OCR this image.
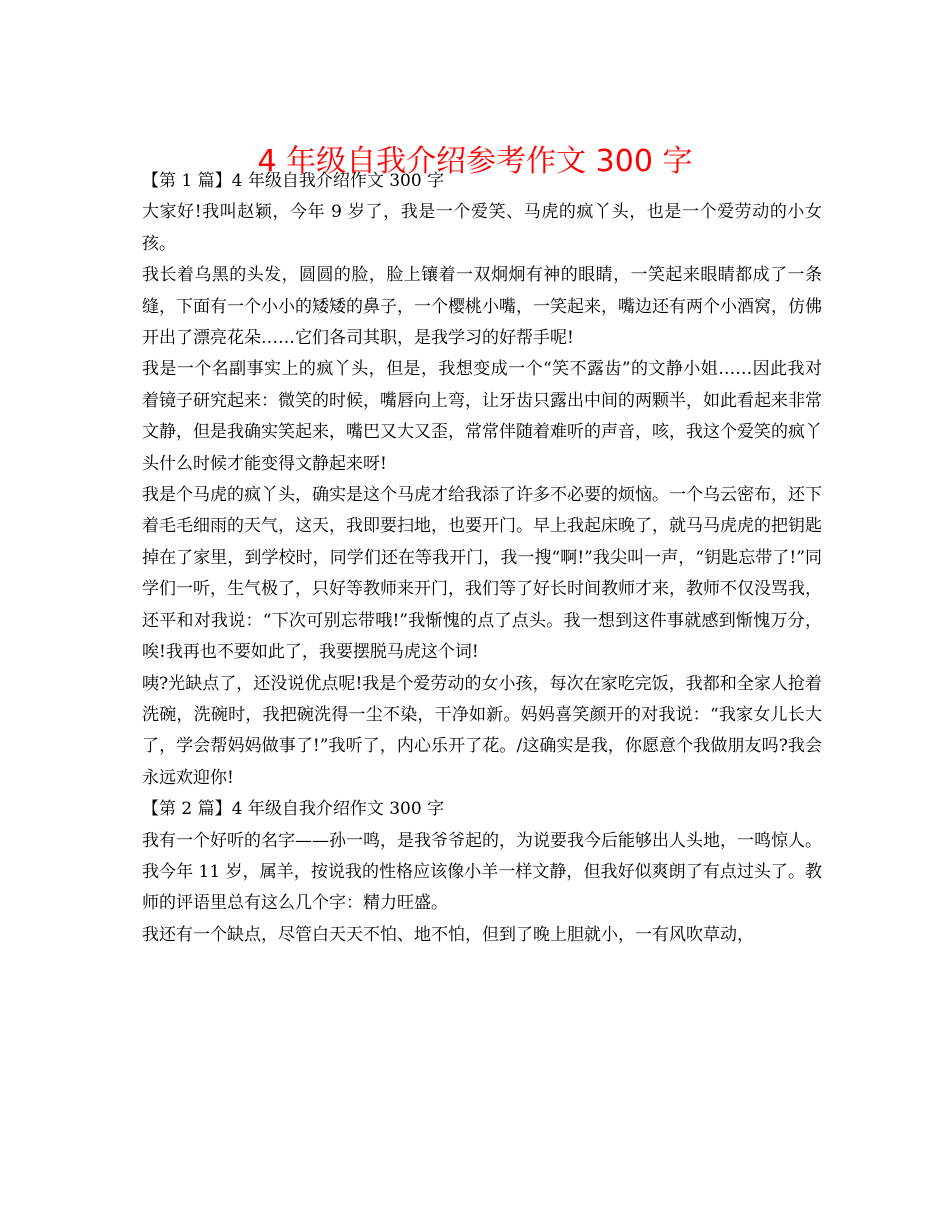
4 年级自我介绍参考作文 300 字

【第 1 篇】4 年级自我介绍作文 300 字

大家好!我叫赵颖，今年 9 岁了，我是一个爱笑、马虎的疯丫头，也是一个爱劳动的小女孩。

我长着乌黑的头发，圆圆的脸，脸上镶着一双炯炯有神的眼睛，一笑起来眼睛都成了一条缝，下面有一个小小的矮矮的鼻子，一个樱桃小嘴，一笑起来，嘴边还有两个小酒窝，仿佛开出了漂亮花朵……它们各司其职，是我学习的好帮手呢!

我是一个名副事实上的疯丫头，但是，我想变成一个“笑不露齿”的文静小姐……因此我对着镜子研究起来：微笑的时候，嘴唇向上弯，让牙齿只露出中间的两颗半，如此看起来非常文静，但是我确实笑起来，嘴巴又大又歪，常常伴随着难听的声音，咳，我这个爱笑的疯丫头什么时候才能变得文静起来呀!

我是个马虎的疯丫头，确实是这个马虎才给我添了许多不必要的烦恼。一个乌云密布，还下着毛毛细雨的天气，这天，我即要扫地，也要开门。早上我起床晚了，就马马虎虎的把钥匙掉在了家里，到学校时，同学们还在等我开门，我一搜“啊!”我尖叫一声，“钥匙忘带了!”同学们一听，生气极了，只好等教师来开门，我们等了好长时间教师才来，教师不仅没骂我，还平和对我说：“下次可别忘带哦!”我惭愧的点了点头。我一想到这件事就感到惭愧万分，唉!我再也不要如此了，我要摆脱马虎这个词!

咦?光缺点了，还没说优点呢!我是个爱劳动的女小孩，每次在家吃完饭，我都和全家人抢着洗碗，洗碗时，我把碗洗得一尘不染，干净如新。妈妈喜笑颜开的对我说：“我家女儿长大了，学会帮妈妈做事了!”我听了，内心乐开了花。/这确实是我，你愿意个我做朋友吗?我会永远欢迎你!

【第 2 篇】4 年级自我介绍作文 300 字

我有一个好听的名字——孙一鸣，是我爷爷起的，为说要我今后能够出人头地，一鸣惊人。我今年 11 岁，属羊，按说我的性格应该像小羊一样文静，但我好似爽朗了有点过头了。教师的评语里总有这么几个字：精力旺盛。

我还有一个缺点，尽管白天天不怕、地不怕，但到了晚上胆就小，一有风吹草动，
